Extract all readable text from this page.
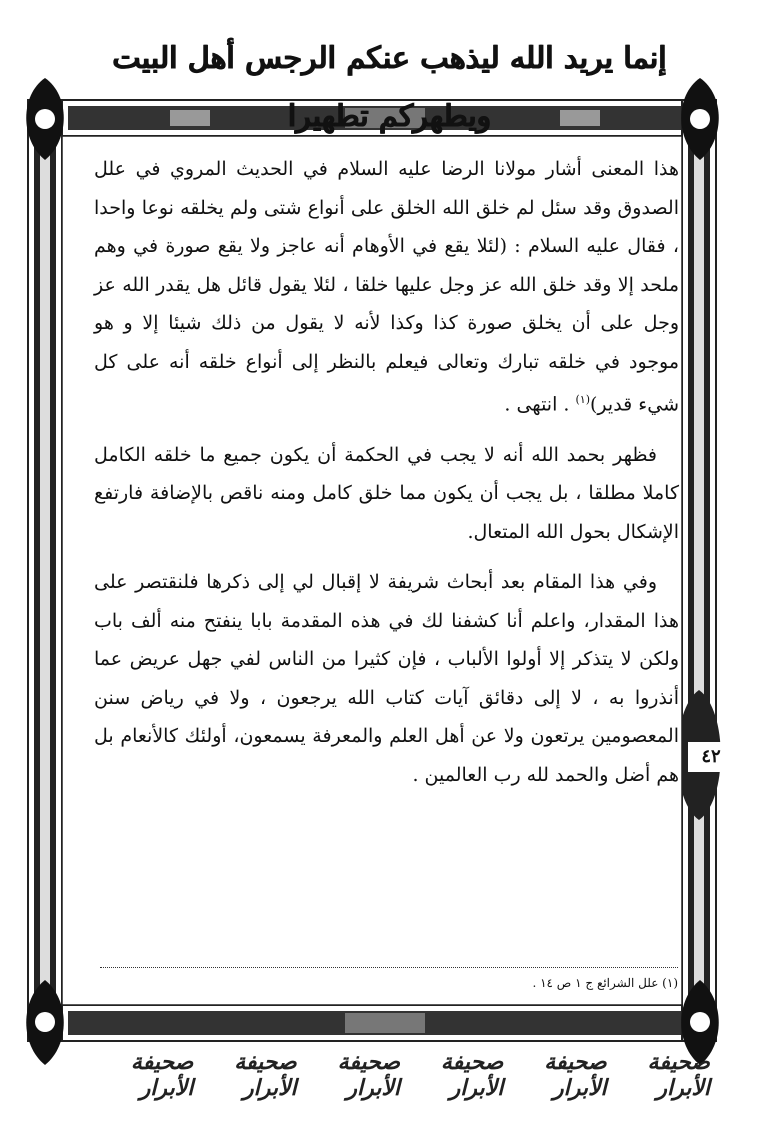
إنما يريد الله ليذهب عنكم الرجس أهل البيت ويطهركم تطهيرا

هذا المعنى أشار مولانا الرضا عليه السلام في الحديث المروي في علل الصدوق وقد سئل لم خلق الله الخلق على أنواع شتى ولم يخلقه نوعا واحدا ، فقال عليه السلام : (لئلا يقع في الأوهام أنه عاجز ولا يقع صورة في وهم ملحد إلا وقد خلق الله عز وجل عليها خلقا ، لئلا يقول قائل هل يقدر الله عز وجل على أن يخلق صورة كذا وكذا لأنه لا يقول من ذلك شيئا إلا و هو موجود في خلقه تبارك وتعالى فيعلم بالنظر إلى أنواع خلقه أنه على كل شيء قدير)$^{(١)}$ . انتهى .

فظهر بحمد الله أنه لا يجب في الحكمة أن يكون جميع ما خلقه الكامل كاملا مطلقا ، بل يجب أن يكون مما خلق كامل ومنه ناقص بالإضافة فارتفع الإشكال بحول الله المتعال.

وفي هذا المقام بعد أبحاث شريفة لا إقبال لي إلى ذكرها فلنقتصر على هذا المقدار، واعلم أنا كشفنا لك في هذه المقدمة بابا ينفتح منه ألف باب ولكن لا يتذكر إلا أولوا الألباب ، فإن كثيرا من الناس لفي جهل عريض عما أنذروا به ، لا إلى دقائق آيات كتاب الله يرجعون ، ولا في رياض سنن المعصومين يرتعون ولا عن أهل العلم والمعرفة يسمعون، أولئك كالأنعام بل هم أضل والحمد لله رب العالمين .

(١) علل الشرائع ج ١ ص ١٤ .
٤٢
صحيفة الأبرار
صحيفة الأبرار
صحيفة الأبرار
صحيفة الأبرار
صحيفة الأبرار
صحيفة الأبرار
